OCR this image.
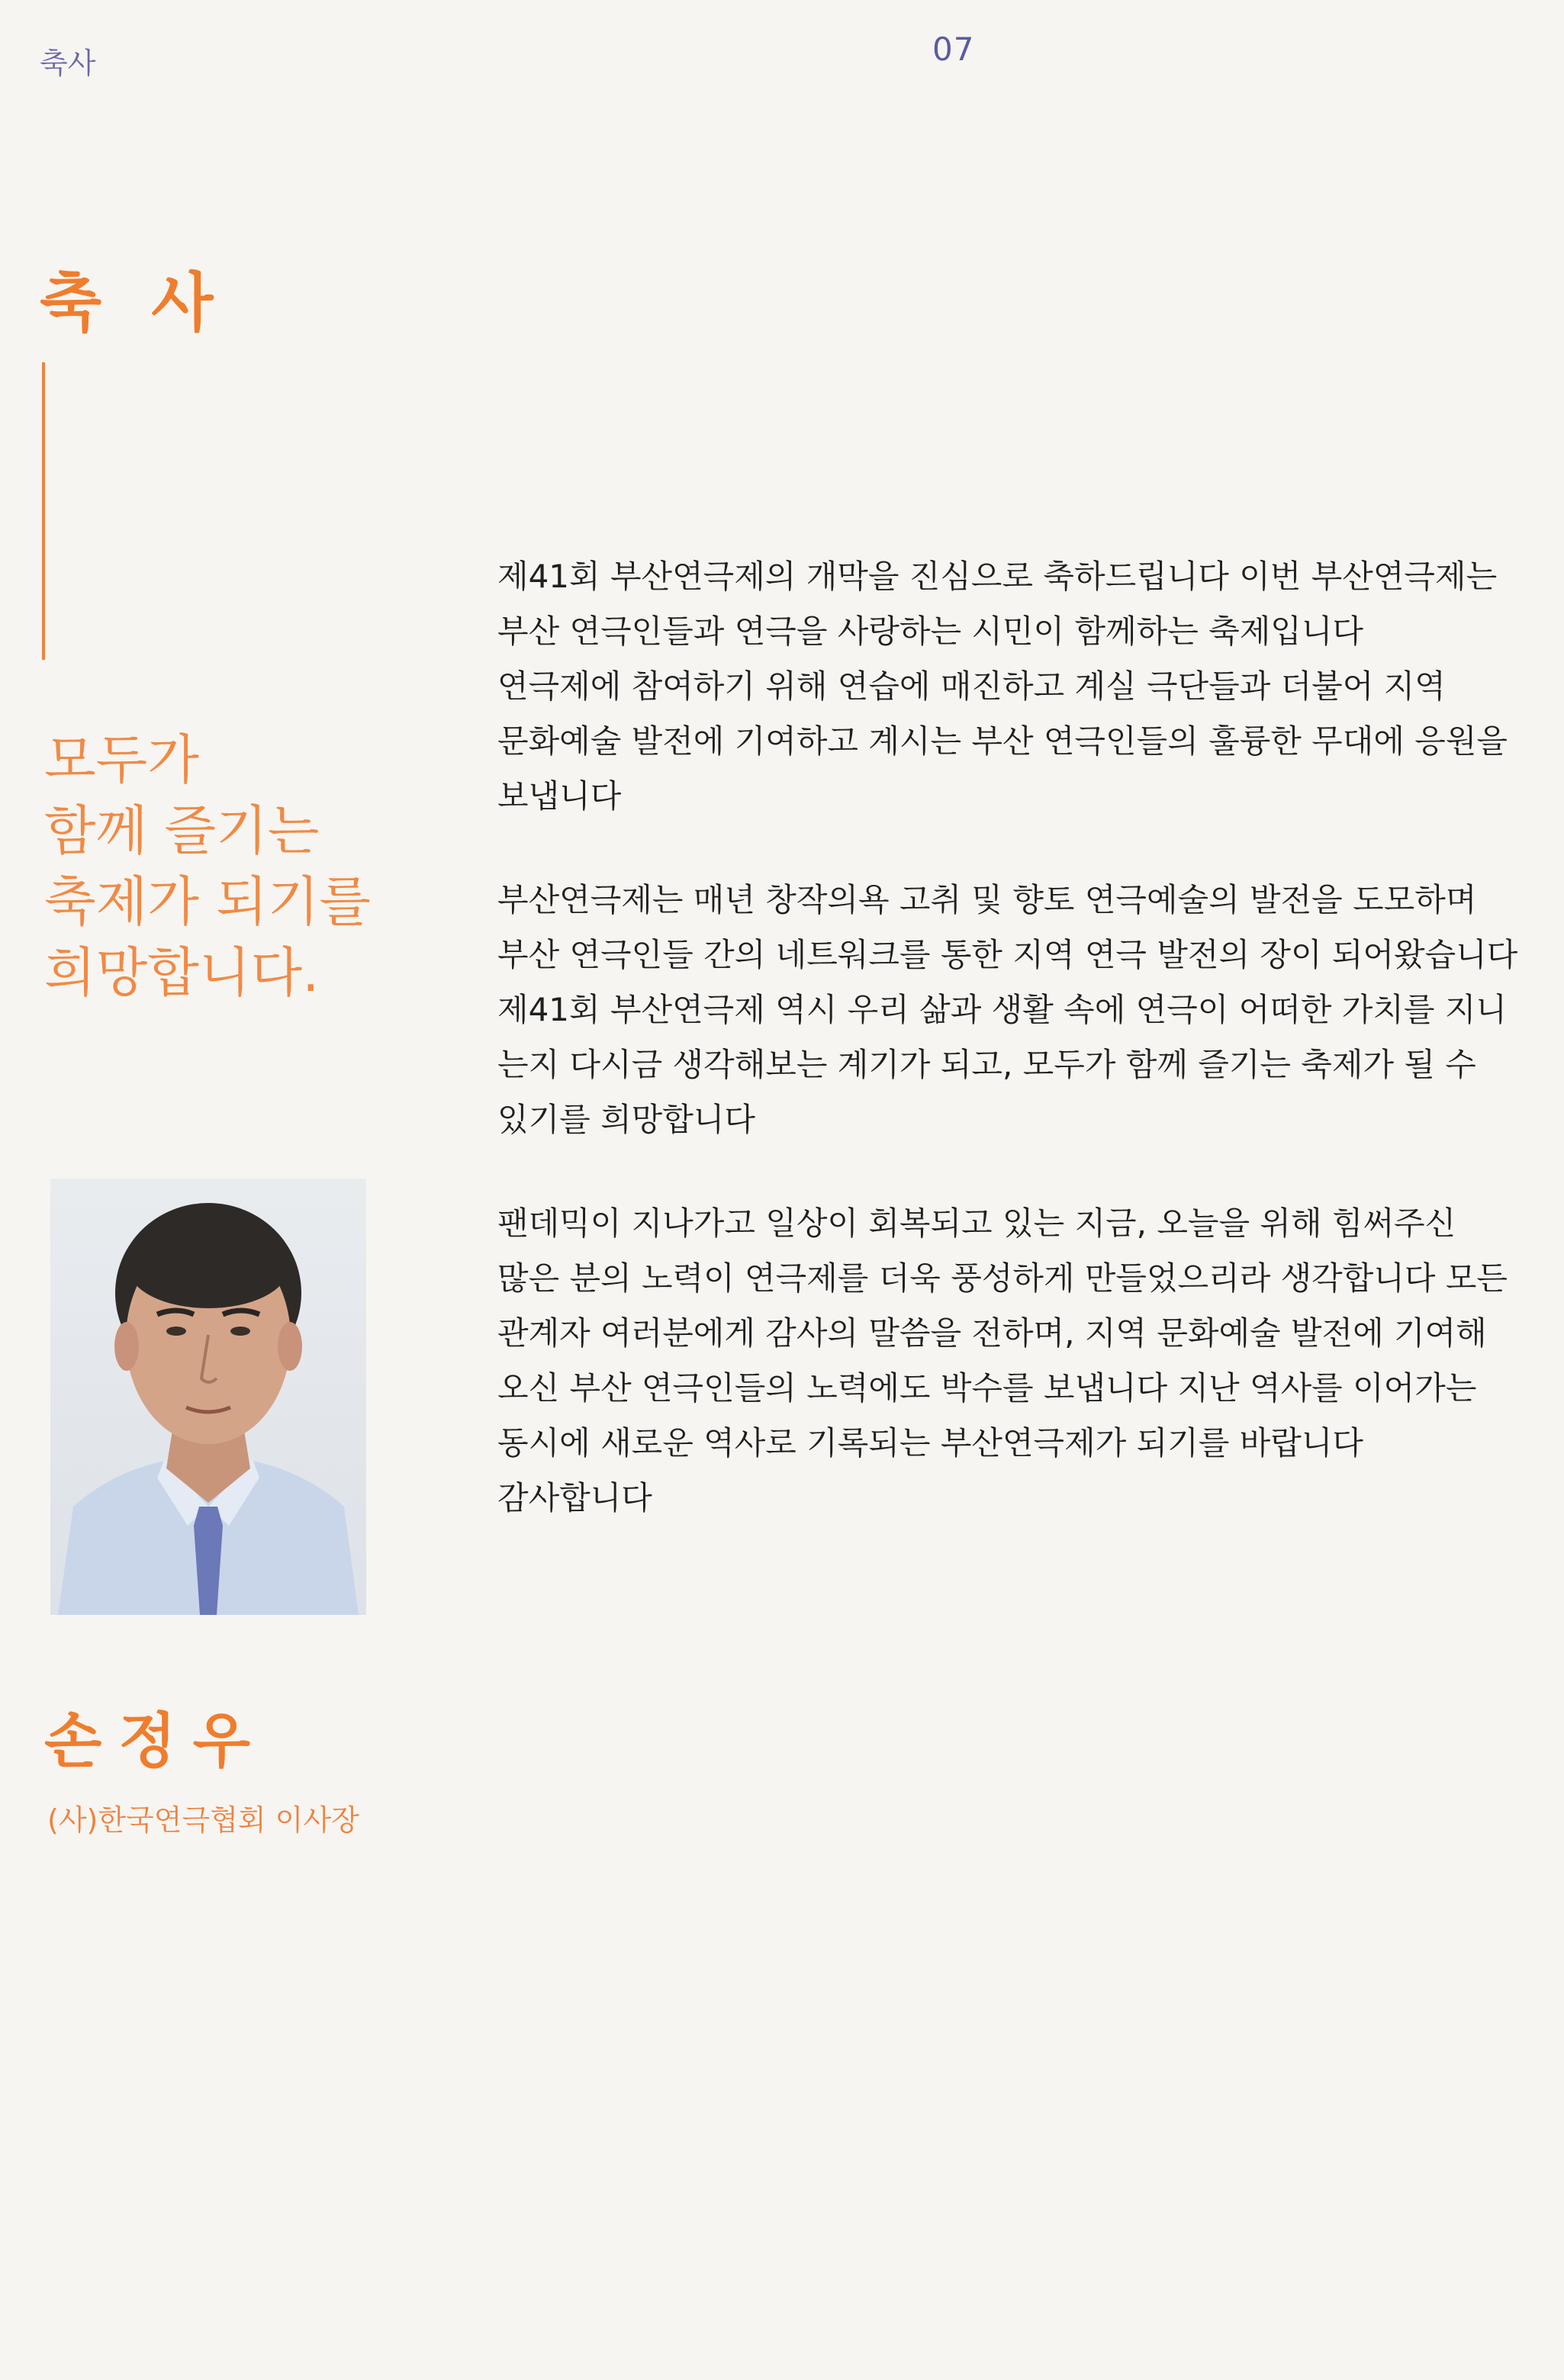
축사	07
축 사
모두가
함께 즐기는
축제가 되기를
희망합니다.
손정우
(사)한국연극협회 이사장

제41회 부산연극제의 개막을 진심으로 축하드립니다 이번 부산연극제는
부산 연극인들과 연극을 사랑하는 시민이 함께하는 축제입니다
연극제에 참여하기 위해 연습에 매진하고 계실 극단들과 더불어 지역
문화예술 발전에 기여하고 계시는 부산 연극인들의 훌륭한 무대에 응원을
보냅니다

부산연극제는 매년 창작의욕 고취 및 향토 연극예술의 발전을 도모하며
부산 연극인들 간의 네트워크를 통한 지역 연극 발전의 장이 되어왔습니다
제41회 부산연극제 역시 우리 삶과 생활 속에 연극이 어떠한 가치를 지니
는지 다시금 생각해보는 계기가 되고, 모두가 함께 즐기는 축제가 될 수
있기를 희망합니다

팬데믹이 지나가고 일상이 회복되고 있는 지금, 오늘을 위해 힘써주신
많은 분의 노력이 연극제를 더욱 풍성하게 만들었으리라 생각합니다 모든
관계자 여러분에게 감사의 말씀을 전하며, 지역 문화예술 발전에 기여해
오신 부산 연극인들의 노력에도 박수를 보냅니다 지난 역사를 이어가는
동시에 새로운 역사로 기록되는 부산연극제가 되기를 바랍니다
감사합니다
